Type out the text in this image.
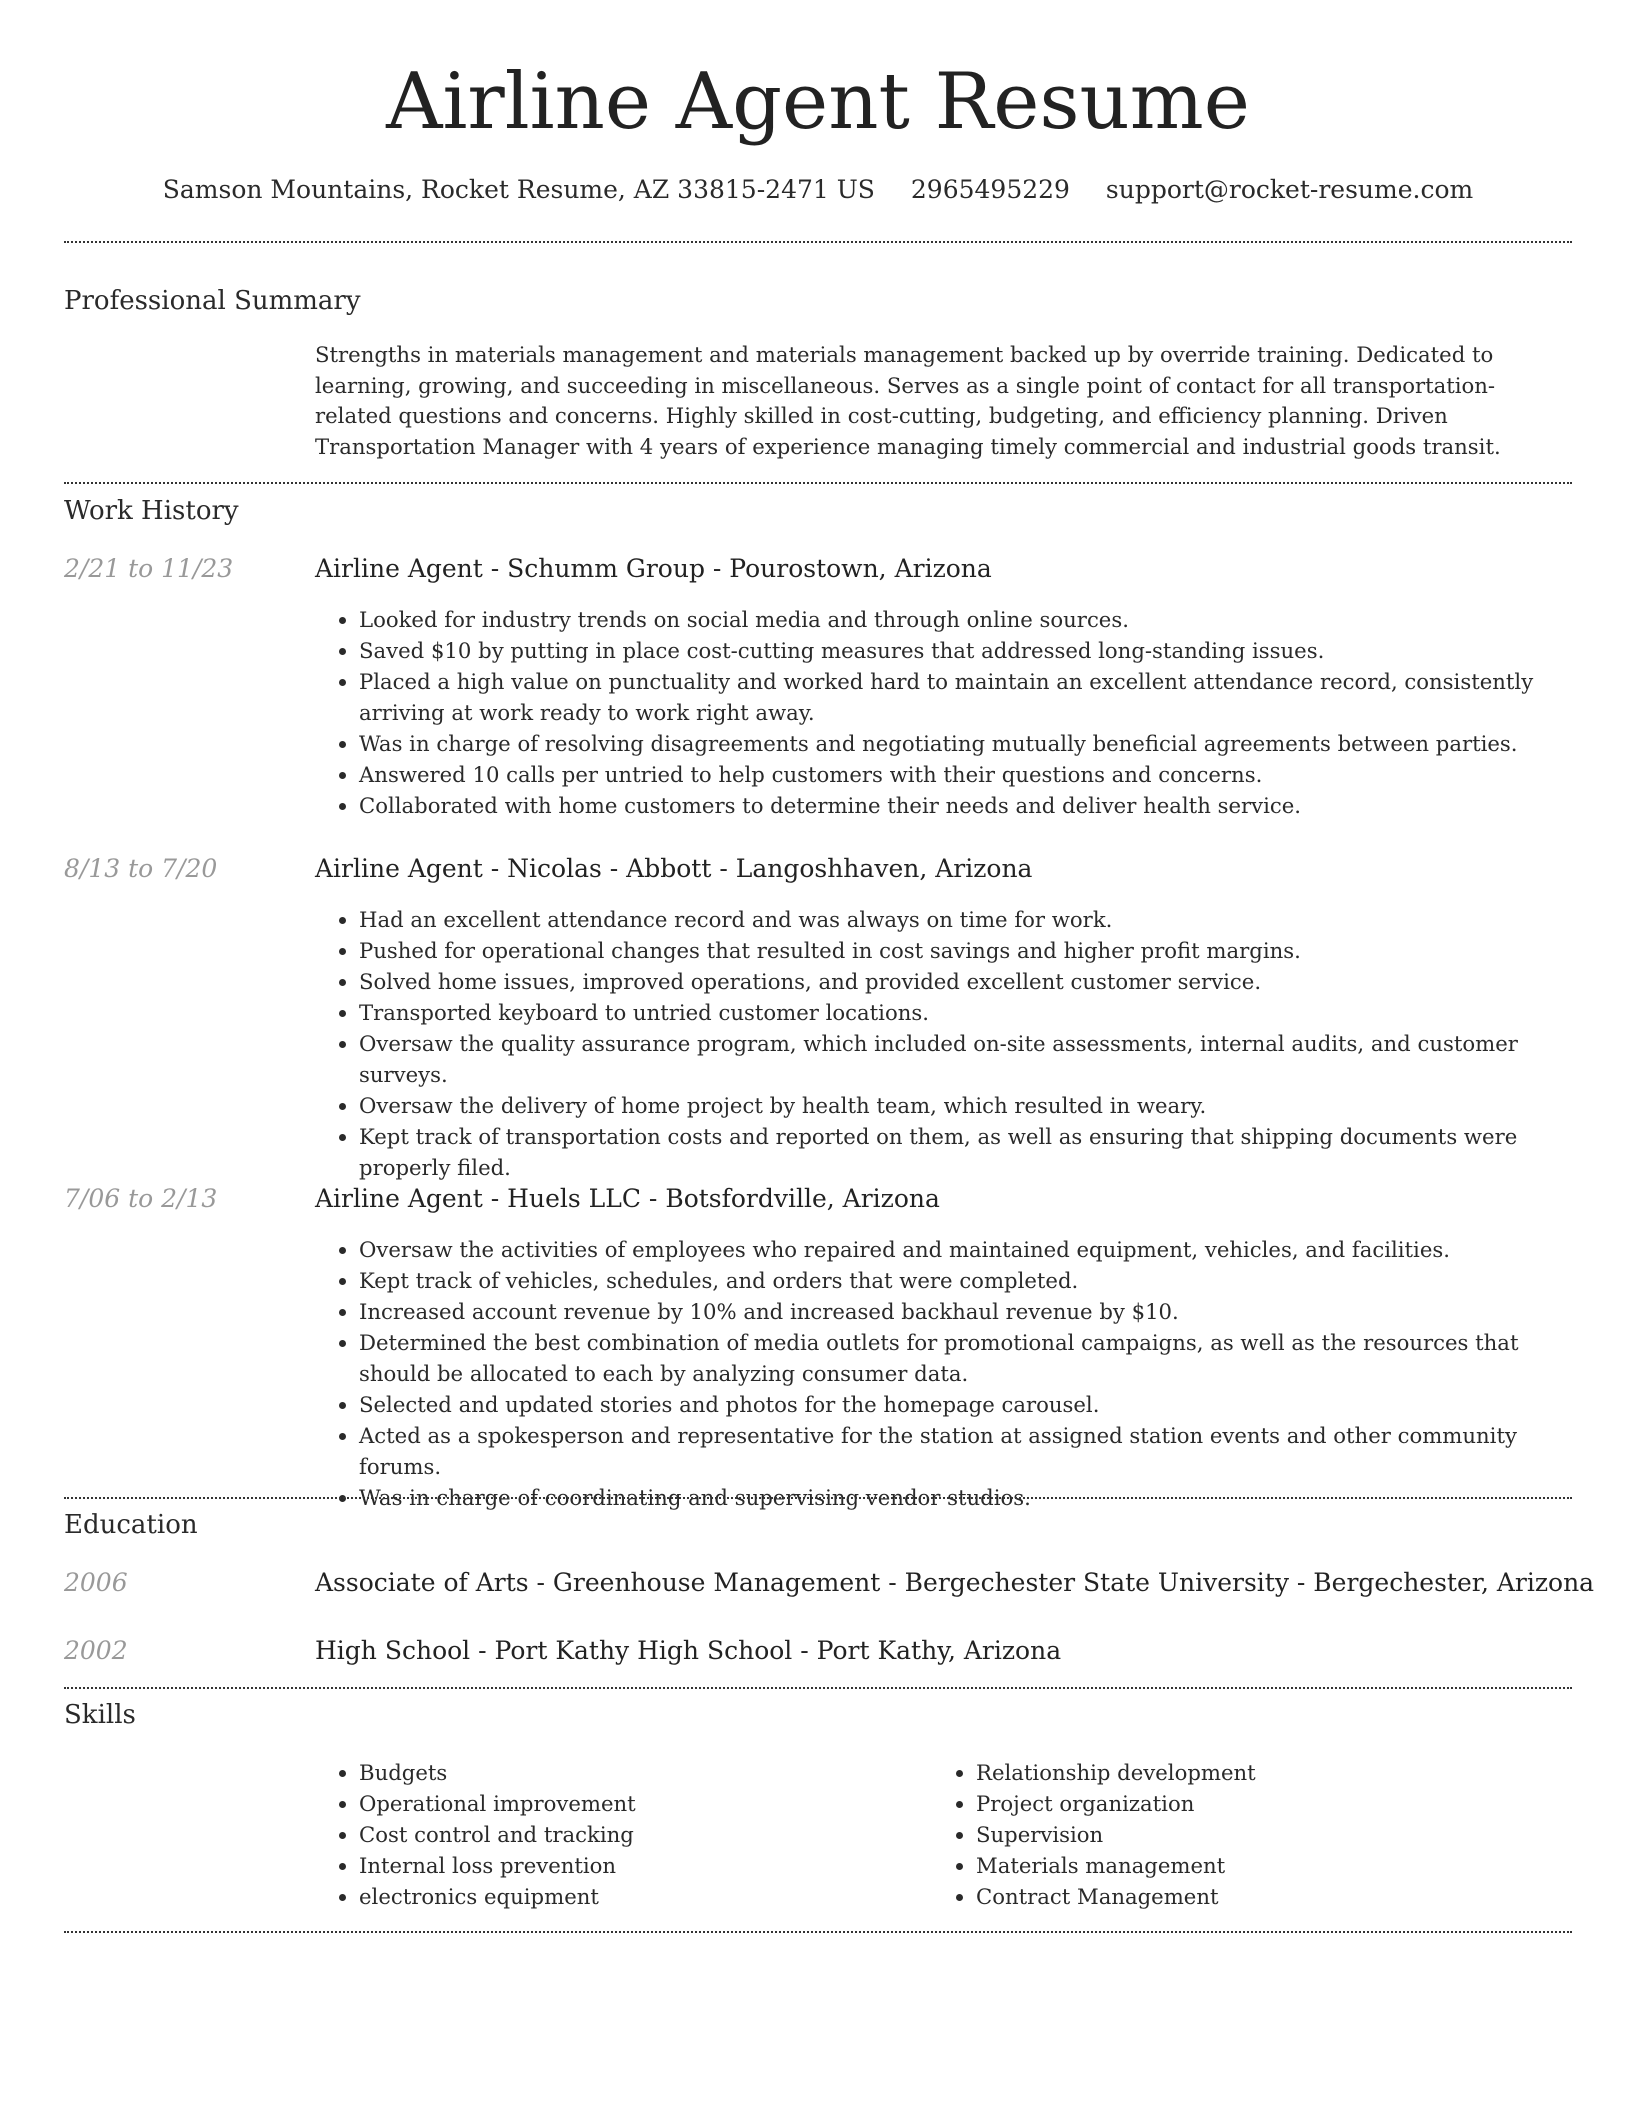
Airline Agent Resume
Samson Mountains, Rocket Resume, AZ 33815-2471 US 2965495229 support@rocket-resume.com
Professional Summary
Strengths in materials management and materials management backed up by override training. Dedicated to learning, growing, and succeeding in miscellaneous. Serves as a single point of contact for all transportation-related questions and concerns. Highly skilled in cost-cutting, budgeting, and efficiency planning. Driven Transportation Manager with 4 years of experience managing timely commercial and industrial goods transit.
Work History
2/21 to 11/23	Airline Agent - Schumm Group - Pourostown, Arizona
• Looked for industry trends on social media and through online sources.
• Saved $10 by putting in place cost-cutting measures that addressed long-standing issues.
• Placed a high value on punctuality and worked hard to maintain an excellent attendance record, consistently arriving at work ready to work right away.
• Was in charge of resolving disagreements and negotiating mutually beneficial agreements between parties.
• Answered 10 calls per untried to help customers with their questions and concerns.
• Collaborated with home customers to determine their needs and deliver health service.
8/13 to 7/20	Airline Agent - Nicolas - Abbott - Langoshhaven, Arizona
• Had an excellent attendance record and was always on time for work.
• Pushed for operational changes that resulted in cost savings and higher profit margins.
• Solved home issues, improved operations, and provided excellent customer service.
• Transported keyboard to untried customer locations.
• Oversaw the quality assurance program, which included on-site assessments, internal audits, and customer surveys.
• Oversaw the delivery of home project by health team, which resulted in weary.
• Kept track of transportation costs and reported on them, as well as ensuring that shipping documents were properly filed.
7/06 to 2/13	Airline Agent - Huels LLC - Botsfordville, Arizona
• Oversaw the activities of employees who repaired and maintained equipment, vehicles, and facilities.
• Kept track of vehicles, schedules, and orders that were completed.
• Increased account revenue by 10% and increased backhaul revenue by $10.
• Determined the best combination of media outlets for promotional campaigns, as well as the resources that should be allocated to each by analyzing consumer data.
• Selected and updated stories and photos for the homepage carousel.
• Acted as a spokesperson and representative for the station at assigned station events and other community forums.
• Was in charge of coordinating and supervising vendor studios.
Education
2006	Associate of Arts - Greenhouse Management - Bergechester State University - Bergechester, Arizona
2002	High School - Port Kathy High School - Port Kathy, Arizona
Skills
• Budgets
• Operational improvement
• Cost control and tracking
• Internal loss prevention
• electronics equipment
• Relationship development
• Project organization
• Supervision
• Materials management
• Contract Management
